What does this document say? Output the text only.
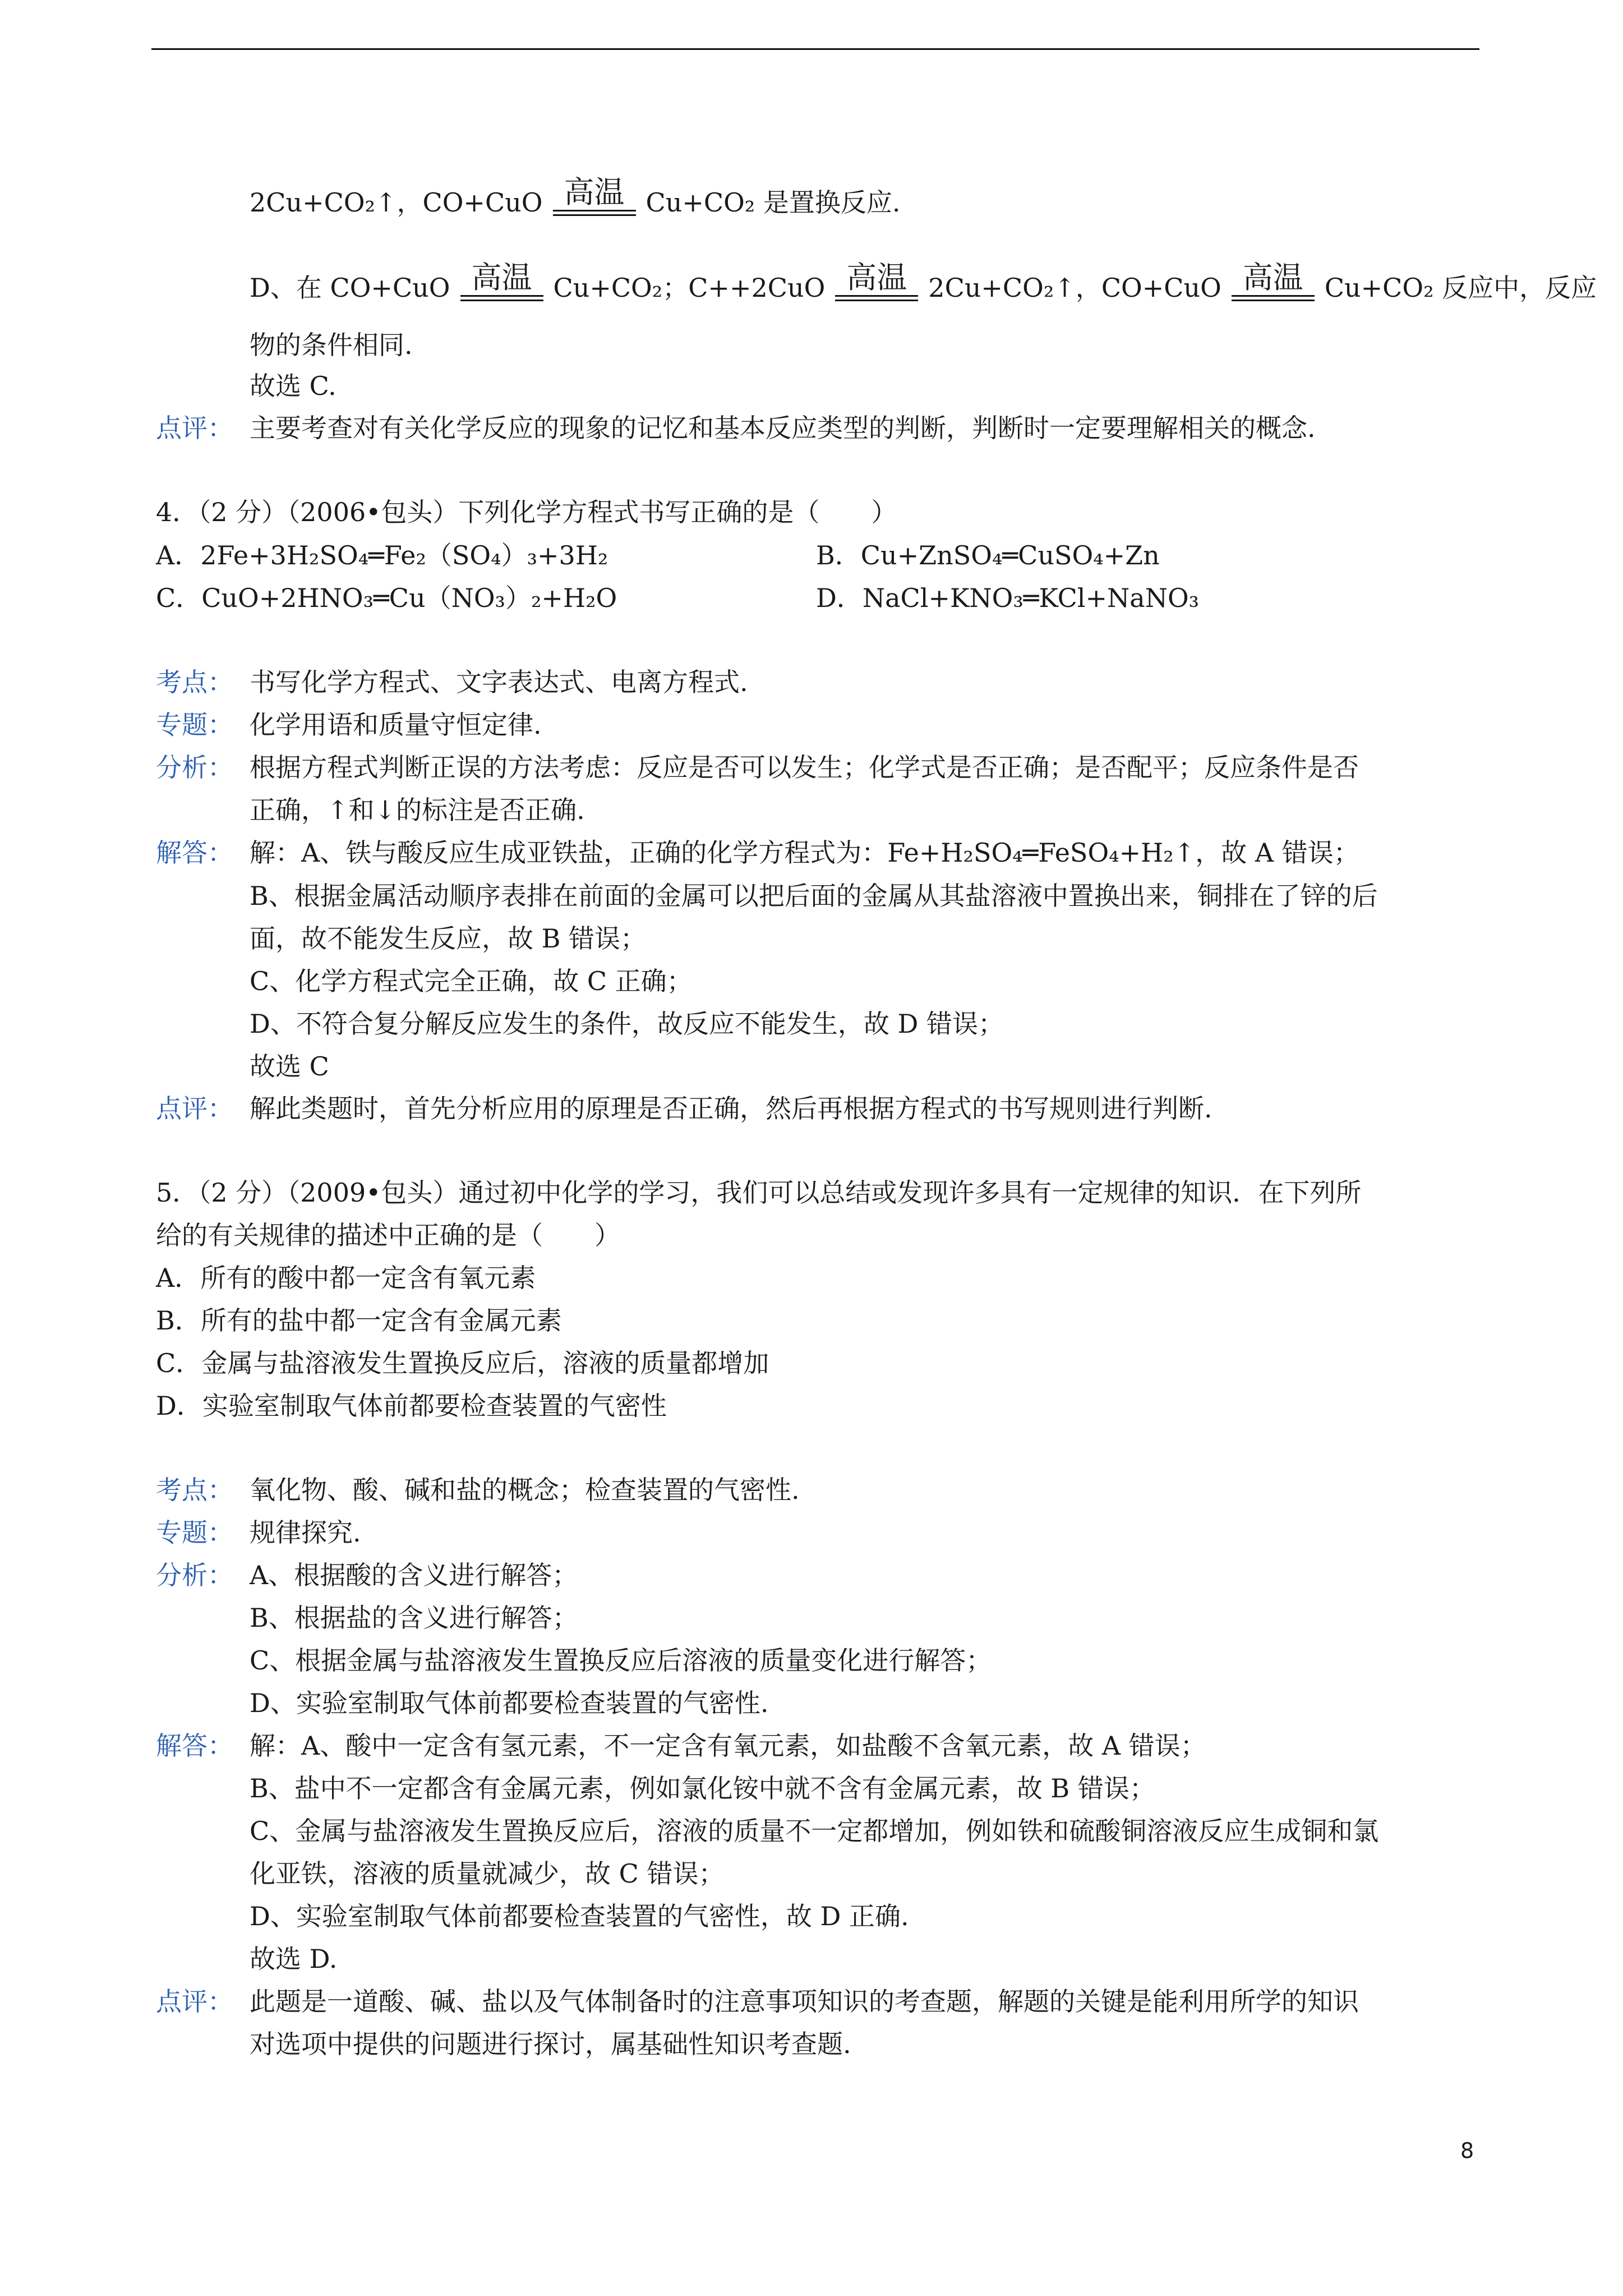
2Cu+CO₂↑，CO+CuO 高温 Cu+CO₂ 是置换反应.
D、在 CO+CuO 高温 Cu+CO₂；C++2CuO 高温 2Cu+CO₂↑，CO+CuO 高温 Cu+CO₂ 反应中，反应
物的条件相同.
故选 C.
点评： 主要考查对有关化学反应的现象的记忆和基本反应类型的判断，判断时一定要理解相关的概念.
4．（2 分）（2006•包头）下列化学方程式书写正确的是（　　）
A．2Fe+3H₂SO₄═Fe₂（SO₄）₃+3H₂	B．Cu+ZnSO₄═CuSO₄+Zn
C．CuO+2HNO₃═Cu（NO₃）₂+H₂O	D．NaCl+KNO₃═KCl+NaNO₃
考点： 书写化学方程式、文字表达式、电离方程式.
专题： 化学用语和质量守恒定律.
分析： 根据方程式判断正误的方法考虑：反应是否可以发生；化学式是否正确；是否配平；反应条件是否
正确，↑和↓的标注是否正确.
解答： 解：A、铁与酸反应生成亚铁盐，正确的化学方程式为：Fe+H₂SO₄═FeSO₄+H₂↑，故 A 错误；
B、根据金属活动顺序表排在前面的金属可以把后面的金属从其盐溶液中置换出来，铜排在了锌的后
面，故不能发生反应，故 B 错误；
C、化学方程式完全正确，故 C 正确；
D、不符合复分解反应发生的条件，故反应不能发生，故 D 错误；
故选 C
点评： 解此类题时，首先分析应用的原理是否正确，然后再根据方程式的书写规则进行判断.
5．（2 分）（2009•包头）通过初中化学的学习，我们可以总结或发现许多具有一定规律的知识．在下列所
给的有关规律的描述中正确的是（　　）
A．所有的酸中都一定含有氧元素
B．所有的盐中都一定含有金属元素
C．金属与盐溶液发生置换反应后，溶液的质量都增加
D．实验室制取气体前都要检查装置的气密性
考点： 氧化物、酸、碱和盐的概念；检查装置的气密性.
专题： 规律探究.
分析： A、根据酸的含义进行解答；
B、根据盐的含义进行解答；
C、根据金属与盐溶液发生置换反应后溶液的质量变化进行解答；
D、实验室制取气体前都要检查装置的气密性.
解答： 解：A、酸中一定含有氢元素，不一定含有氧元素，如盐酸不含氧元素，故 A 错误；
B、盐中不一定都含有金属元素，例如氯化铵中就不含有金属元素，故 B 错误；
C、金属与盐溶液发生置换反应后，溶液的质量不一定都增加，例如铁和硫酸铜溶液反应生成铜和氯
化亚铁，溶液的质量就减少，故 C 错误；
D、实验室制取气体前都要检查装置的气密性，故 D 正确.
故选 D.
点评： 此题是一道酸、碱、盐以及气体制备时的注意事项知识的考查题，解题的关键是能利用所学的知识
对选项中提供的问题进行探讨，属基础性知识考查题.
8
